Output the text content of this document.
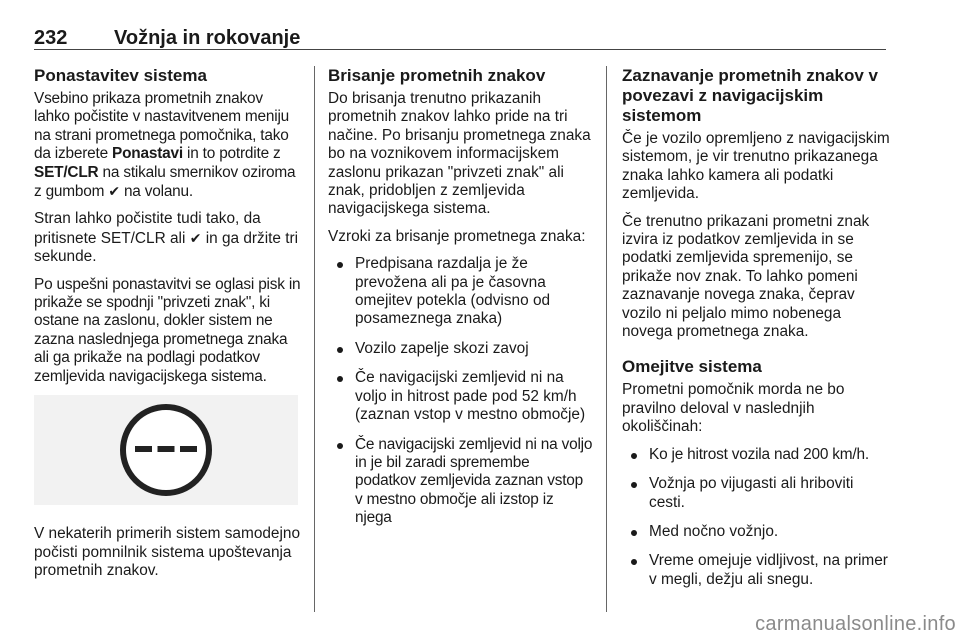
232 Vožnja in rokovanje
Ponastavitev sistema

Vsebino prikaza prometnih znakov lahko počistite v nastavitvenem meniju na strani prometnega pomočnika, tako da izberete Ponastavi in to potrdite z SET/CLR na stikalu smernikov oziroma z gumbom ✔ na volanu.

Stran lahko počistite tudi tako, da pritisnete SET/CLR ali ✔ in ga držite tri sekunde.

Po uspešni ponastavitvi se oglasi pisk in prikaže se spodnji "privzeti znak", ki ostane na zaslonu, dokler sistem ne zazna naslednjega prometnega znaka ali ga prikaže na podlagi podatkov zemljevida navigacijskega sistema.

V nekaterih primerih sistem samodejno počisti pomnilnik sistema upoštevanja prometnih znakov.

Brisanje prometnih znakov

Do brisanja trenutno prikazanih prometnih znakov lahko pride na tri načine. Po brisanju prometnega znaka bo na voznikovem informacijskem zaslonu prikazan "privzeti znak" ali znak, pridobljen z zemljevida navigacijskega sistema.

Vzroki za brisanje prometnega znaka:

Predpisana razdalja je že prevožena ali pa je časovna omejitev potekla (odvisno od posameznega znaka)
Vozilo zapelje skozi zavoj
Če navigacijski zemljevid ni na voljo in hitrost pade pod 52 km/h (zaznan vstop v mestno območje)
Če navigacijski zemljevid ni na voljo in je bil zaradi spremembe podatkov zemljevida zaznan vstop v mestno območje ali izstop iz njega
Zaznavanje prometnih znakov v povezavi z navigacijskim sistemom

Če je vozilo opremljeno z navigacijskim sistemom, je vir trenutno prikazanega znaka lahko kamera ali podatki zemljevida.

Če trenutno prikazani prometni znak izvira iz podatkov zemljevida in se podatki zemljevida spremenijo, se prikaže nov znak. To lahko pomeni zaznavanje novega znaka, čeprav vozilo ni peljalo mimo nobenega novega prometnega znaka.

Omejitve sistema

Prometni pomočnik morda ne bo pravilno deloval v naslednjih okoliščinah:

Ko je hitrost vozila nad 200 km/h.
Vožnja po vijugasti ali hriboviti cesti.
Med nočno vožnjo.
Vreme omejuje vidljivost, na primer v megli, dežju ali snegu.
carmanualsonline.info
